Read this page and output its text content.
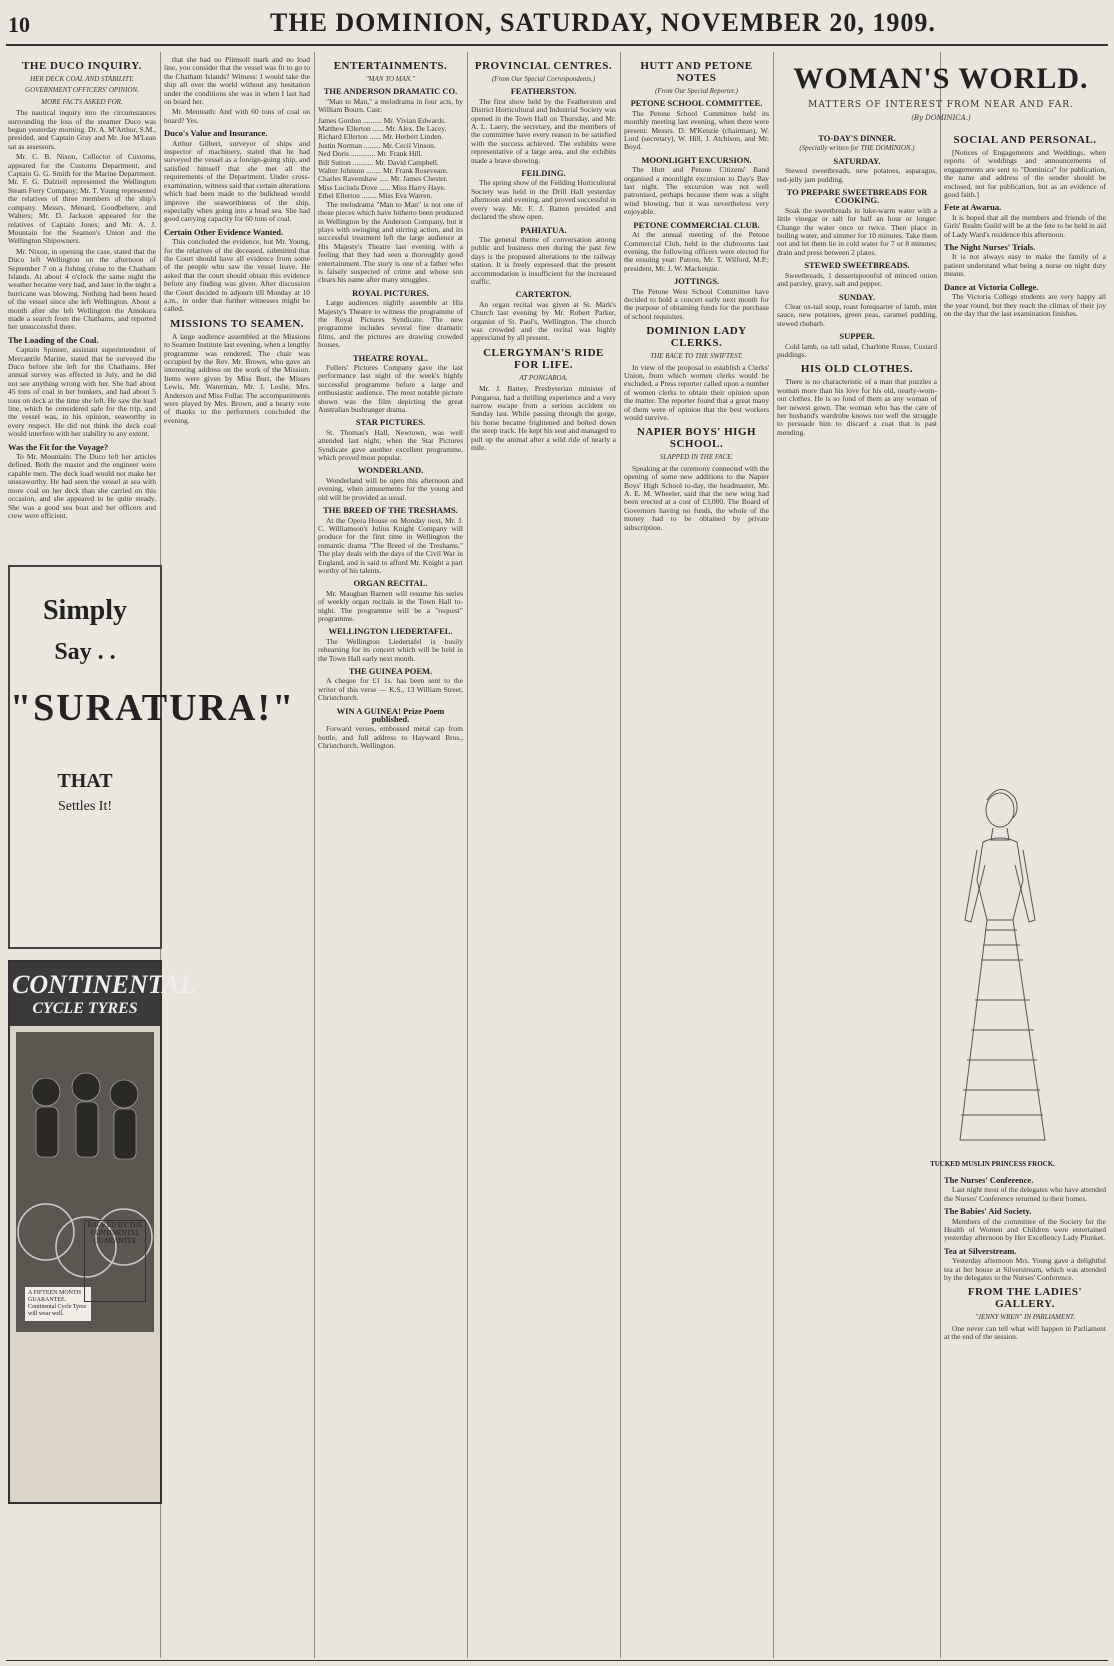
10	THE DOMINION, SATURDAY, NOVEMBER 20, 1909.
THE DUCO INQUIRY.
HER DECK COAL AND STABILITY.
GOVERNMENT OFFICERS' OPINION.
MORE FACTS ASKED FOR.

The nautical inquiry into the circumstances surrounding the loss of the steamer Duco was begun yesterday morning. Dr. A. M'Arthur, S.M., presided, and Captain Gray and Mr. Joe M'Lean sat as assessors.

Mr. C. B. Nixon, Collector of Customs, appeared for the Customs Department, and Captain G. G. Smith for the Marine Department. Mr. F. G. Dalziell represented the Wellington Steam Ferry Company; Mr. T. Young represented the relatives of three members of the ship's company. Messrs. Menard, Goodbehere, and Walters; Mr. D. Jackson appeared for the relatives of Captain Jones; and Mr. A. J. Mountain for the Seamen's Union and the Wellington Shipowners.

Mr. Nixon, in opening the case, stated that the Duco left Wellington on the afternoon of September 7 on a fishing cruise to the Chatham Islands. At about 4 o'clock the same night the weather became very bad, and later in the night a hurricane was blowing. Nothing had been heard of the vessel since she left Wellington. About a month after she left Wellington the Amokura made a search from the Chathams, and reported her unsuccessful there.

The Loading of the Coal.

Captain Spinner, assistant superintendent of Mercantile Marine, stated that he surveyed the Duco before she left for the Chathams. Her annual survey was effected in July, and he did not see anything wrong with her. She had about 45 tons of coal in her bunkers, and had about 5 tons on deck at the time she left. He saw the load line, which he considered safe for the trip, and the vessel was, in his opinion, seaworthy in every respect. He did not think the deck coal would interfere with her stability to any extent.

Was the Fit for the Voyage?

To Mr. Mountain: The Duco left her articles defined. Both the master and the engineer were capable men. The deck load would not make her unseaworthy. He had seen the vessel at sea with more coal on her deck than she carried on this occasion, and she appeared to be quite steady. She was a good sea boat and her officers and crew were efficient.

Simply
Say . .
"SURATURA!"
THAT
Settles It!
CONTINENTAL
CYCLE TYRES
A FIFTEEN MONTH GUARANTEE. Continental Cycle Tyres will wear well.
BACKED BY THE CONTINENTAL GUARANTEE

that she had no Plimsoll mark and no load line, you consider that the vessel was fit to go to the Chatham Islands? Witness: I would take the ship all over the world without any hesitation under the conditions she was in when I last had on board her.

Mr. Menteath: And with 60 tons of coal on board? Yes.

Duco's Value and Insurance.

Arthur Gilbert, surveyor of ships and inspector of machinery, stated that he had surveyed the vessel as a foreign-going ship, and satisfied himself that she met all the requirements of the Department. Under cross-examination, witness said that certain alterations which had been made to the bulkhead would improve the seaworthiness of the ship, especially when going into a head sea. She had good carrying capacity for 60 tons of coal.

Certain Other Evidence Wanted.

This concluded the evidence, but Mr. Young, for the relatives of the deceased, submitted that the Court should have all evidence from some of the people who saw the vessel leave. He asked that the court should obtain this evidence before any finding was given. After discussion the Court decided to adjourn till Monday at 10 a.m., in order that further witnesses might be called.

MISSIONS TO SEAMEN.

A large audience assembled at the Missions to Seamen Institute last evening, when a lengthy programme was rendered. The chair was occupied by the Rev. Mr. Brown, who gave an interesting address on the work of the Mission. Items were given by Miss Burt, the Misses Lewis, Mr. Waterman, Mr. J. Leslie, Mrs. Anderson and Miss Fullar. The accompaniments were played by Mrs. Brown, and a hearty vote of thanks to the performers concluded the evening.

ENTERTAINMENTS.
"MAN TO MAN."
THE ANDERSON DRAMATIC CO.

"Man to Man," a melodrama in four acts, by William Bourn. Cast:

James Gordon .......... Mr. Vivian Edwards.
Matthew Ellerton ...... Mr. Alex. De Lacey.
Richard Ellerton ...... Mr. Herbert Linden.
Justin Norman ......... Mr. Cecil Vinson.
Ned Doris ............. Mr. Frank Hill.
Bill Sutton ........... Mr. David Campbell.
Walter Johnson ........ Mr. Frank Roseveare.
Charles Ravenshaw ..... Mr. James Chester.
Miss Lucinda Dove ...... Miss Harry Haye.
Ethel Ellerton ........ Miss Eva Warren.

The melodrama "Man to Man" is not one of those pieces which have hitherto been produced in Wellington by the Anderson Company, but it plays with swinging and stirring action, and its successful treatment left the large audience at His Majesty's Theatre last evening with a feeling that they had seen a thoroughly good entertainment. The story is one of a father who is falsely suspected of crime and whose son clears his name after many struggles.

ROYAL PICTURES.

Large audiences nightly assemble at His Majesty's Theatre to witness the programme of the Royal Pictures Syndicate. The new programme includes several fine dramatic films, and the pictures are drawing crowded houses.

THEATRE ROYAL.

Fullers' Pictures Company gave the last performance last night of the week's highly successful programme before a large and enthusiastic audience. The most notable picture shown was the film depicting the great Australian bushranger drama.

STAR PICTURES.

St. Thomas's Hall, Newtown, was well attended last night, when the Star Pictures Syndicate gave another excellent programme, which proved most popular.

WONDERLAND.

Wonderland will be open this afternoon and evening, when amusements for the young and old will be provided as usual.

THE BREED OF THE TRESHAMS.

At the Opera House on Monday next, Mr. J. C. Williamson's Julius Knight Company will produce for the first time in Wellington the romantic drama "The Breed of the Treshams." The play deals with the days of the Civil War in England, and is said to afford Mr. Knight a part worthy of his talents.

ORGAN RECITAL.

Mr. Maughan Barnett will resume his series of weekly organ recitals in the Town Hall to-night. The programme will be a "request" programme.

WELLINGTON LIEDERTAFEL.

The Wellington Liedertafel is busily rehearsing for its concert which will be held in the Town Hall early next month.

THE GUINEA POEM.

A cheque for £1 1s. has been sent to the writer of this verse — K.S., 13 William Street, Christchurch.

WIN A GUINEA! Prize Poem published.

Forward verses, embossed metal cap from bottle, and full address to Hayward Bros., Christchurch, Wellington.

PROVINCIAL CENTRES.
(From Our Special Correspondents.)
FEATHERSTON.

The first show held by the Featherston and District Horticultural and Industrial Society was opened in the Town Hall on Thursday, and Mr. A. L. Laery, the secretary, and the members of the committee have every reason to be satisfied with the success achieved. The exhibits were representative of a large area, and the exhibits made a brave showing.

FEILDING.

The spring show of the Feilding Horticultural Society was held in the Drill Hall yesterday afternoon and evening, and proved successful in every way. Mr. F. J. Batten presided and declared the show open.

PAHIATUA.

The general theme of conversation among public and business men during the past few days is the proposed alterations to the railway station. It is freely expressed that the present accommodation is insufficient for the increased traffic.

CARTERTON.

An organ recital was given at St. Mark's Church last evening by Mr. Robert Parker, organist of St. Paul's, Wellington. The church was crowded and the recital was highly appreciated by all present.

CLERGYMAN'S RIDE FOR LIFE.
AT PONGAROA.

Mr. J. Battey, Presbyterian minister of Pongaroa, had a thrilling experience and a very narrow escape from a serious accident on Sunday last. While passing through the gorge, his horse became frightened and bolted down the steep track. He kept his seat and managed to pull up the animal after a wild ride of nearly a mile.

HUTT AND PETONE NOTES
(From Our Special Reporter.)
PETONE SCHOOL COMMITTEE.

The Petone School Committee held its monthly meeting last evening, when there were present: Messrs. D. M'Kenzie (chairman), W. Lord (secretary), W. Hill, J. Atchison, and Mr. Boyd.

MOONLIGHT EXCURSION.

The Hutt and Petone Citizens' Band organised a moonlight excursion to Day's Bay last night. The excursion was not well patronised, perhaps because there was a slight wind blowing, but it was nevertheless very enjoyable.

PETONE COMMERCIAL CLUB.

At the annual meeting of the Petone Commercial Club, held in the clubrooms last evening, the following officers were elected for the ensuing year: Patron, Mr. T. Wilford, M.P.; president, Mr. J. W. Mackenzie.

JOTTINGS.

The Petone West School Committee have decided to hold a concert early next month for the purpose of obtaining funds for the purchase of school requisites.

DOMINION LADY CLERKS.
THE RACE TO THE SWIFTEST.

In view of the proposal to establish a Clerks' Union, from which women clerks would be excluded, a Press reporter called upon a number of women clerks to obtain their opinion upon the matter. The reporter found that a great many of them were of opinion that the best workers would survive.

NAPIER BOYS' HIGH SCHOOL.
SLAPPED IN THE FACE.

Speaking at the ceremony connected with the opening of some new additions to the Napier Boys' High School to-day, the headmaster, Mr. A. E. M. Wheeler, said that the new wing had been erected at a cost of £3,000. The Board of Governors having no funds, the whole of the money had to be obtained by private subscription.

WOMAN'S WORLD.
MATTERS OF INTEREST FROM NEAR AND FAR.
(By DOMINICA.)
TO-DAY'S DINNER.
(Specially written for THE DOMINION.)
SATURDAY.

Stewed sweetbreads, new potatoes, asparagus, red-jelly jam pudding.

TO PREPARE SWEETBREADS FOR COOKING.

Soak the sweetbreads in luke-warm water with a little vinegar or salt for half an hour or longer. Change the water once or twice. Then place in boiling water, and simmer for 10 minutes. Take them out and let them lie in cold water for 7 or 8 minutes; drain and press between 2 plates.

STEWED SWEETBREADS.

Sweetbreads, 1 dessertspoonful of minced onion and parsley, gravy, salt and pepper.

SUNDAY.

Clear ox-tail soup, roast forequarter of lamb, mint sauce, new potatoes, green peas, caramel pudding, stewed rhubarb.

SUPPER.

Cold lamb, oa tall salad, Charlotte Russe, Custard puddings.

HIS OLD CLOTHES.

There is no characteristic of a man that puzzles a woman more than his love for his old, nearly-worn-out clothes. He is so fond of them as any woman of her newest gown. The woman who has the care of her husband's wardrobe knows too well the struggle to persuade him to discard a coat that is past mending.

SOCIAL AND PERSONAL.

[Notices of Engagements and Weddings, when reports of weddings and announcements of engagements are sent to "Dominica" for publication, the name and address of the sender should be enclosed, not for publication, but as an evidence of good faith.]

Fete at Awarua.

It is hoped that all the members and friends of the Girls' Realm Guild will be at the fete to be held in aid of Lady Ward's residence this afternoon.

The Night Nurses' Trials.

It is not always easy to make the family of a patient understand what being a nurse on night duty means.

Dance at Victoria College.

The Victoria College students are very happy all the year round, but they reach the climax of their joy on the day that the last examination finishes.

TUCKED MUSLIN PRINCESS FROCK.
The Nurses' Conference.

Last night most of the delegates who have attended the Nurses' Conference returned to their homes.

The Babies' Aid Society.

Members of the committee of the Society for the Health of Women and Children were entertained yesterday afternoon by Her Excellency Lady Plunket.

Tea at Silverstream.

Yesterday afternoon Mrs. Young gave a delightful tea at her house at Silverstream, which was attended by the delegates to the Nurses' Conference.

FROM THE LADIES' GALLERY.
"JENNY WREN" IN PARLIAMENT.

One never can tell what will happen in Parliament at the end of the session.
